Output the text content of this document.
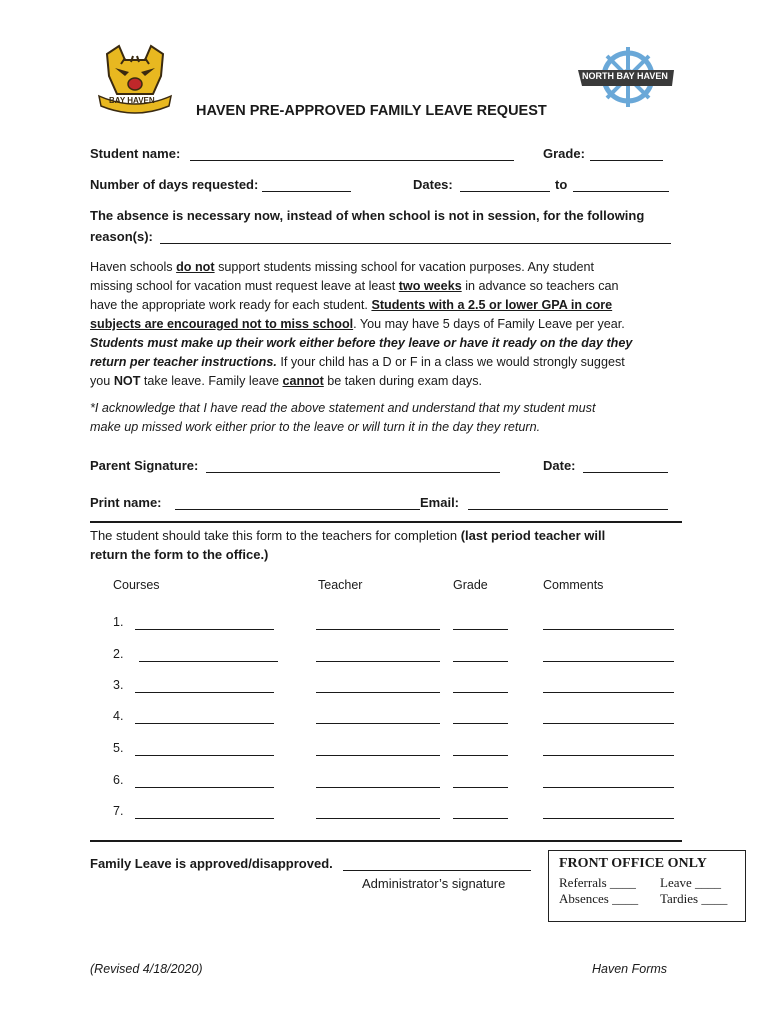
BAY HAVEN
NORTH BAY HAVEN
HAVEN PRE-APPROVED FAMILY LEAVE REQUEST
Student name:	Grade:
Number of days requested:	Dates:	to
The absence is necessary now, instead of when school is not in session, for the following
reason(s):
Haven schools do not support students missing school for vacation purposes. Any student
missing school for vacation must request leave at least two weeks in advance so teachers can
have the appropriate work ready for each student. Students with a 2.5 or lower GPA in core
subjects are encouraged not to miss school. You may have 5 days of Family Leave per year.
Students must make up their work either before they leave or have it ready on the day they
return per teacher instructions. If your child has a D or F in a class we would strongly suggest
you NOT take leave. Family leave cannot be taken during exam days.
*I acknowledge that I have read the above statement and understand that my student must
make up missed work either prior to the leave or will turn it in the day they return.
Parent Signature:	Date:
Print name:	Email:
The student should take this form to the teachers for completion (last period teacher will
return the form to the office.)
Courses	Teacher	Grade	Comments
1.
2.
3.
4.
5.
6.
7.
Family Leave is approved/disapproved.
Administrator’s signature
FRONT OFFICE ONLY
Referrals ____ Leave ____
Absences ____ Tardies ____
(Revised 4/18/2020)	Haven Forms
